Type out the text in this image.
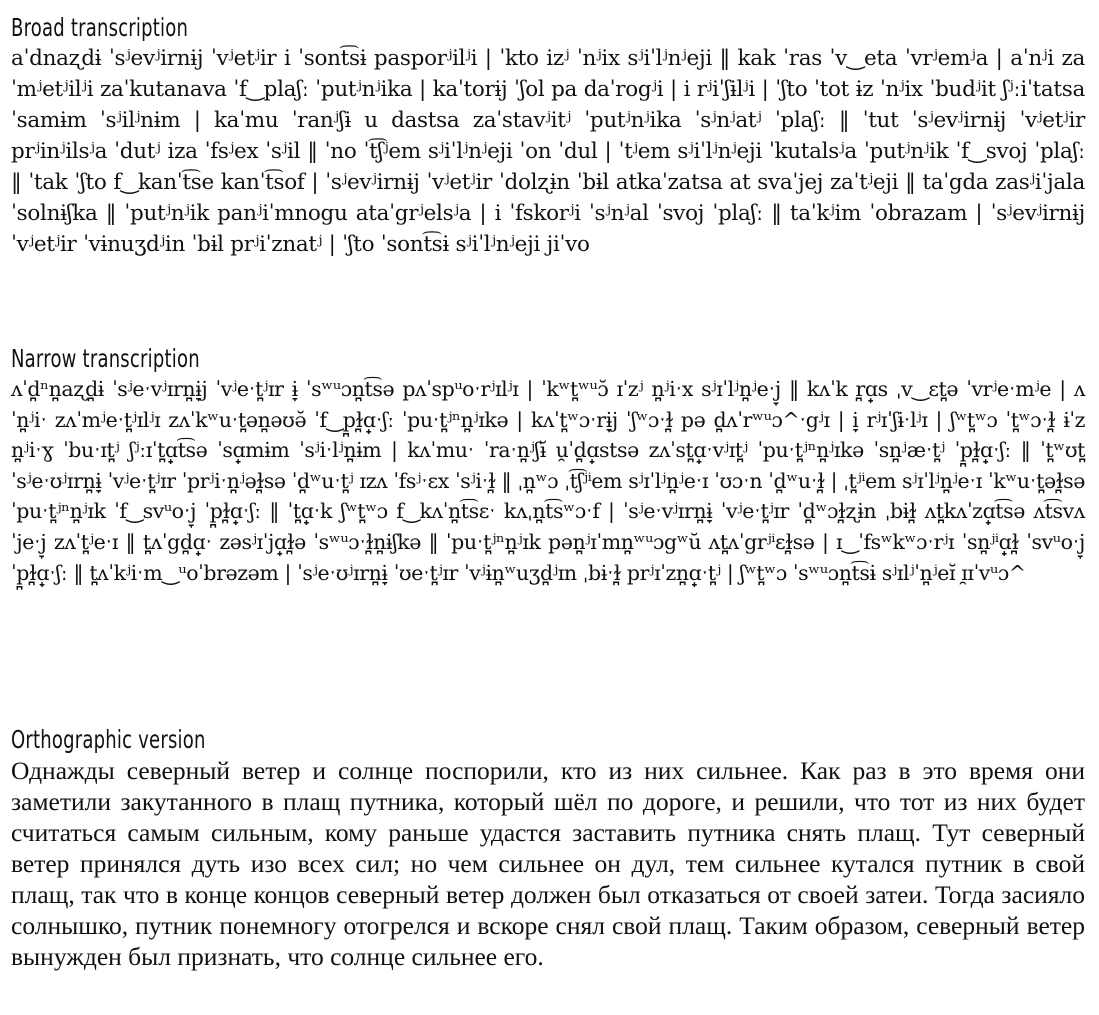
Broad transcription
aˈdnaʐdɨ ˈsʲevʲirnɨj ˈvʲetʲir i ˈsont͡sɨ pasporʲilʲi | ˈkto izʲ ˈnʲix sʲiˈlʲnʲeji ‖ kak ˈras ˈv‿eta ˈvrʲemʲa | aˈnʲi zaˈmʲetʲilʲi zaˈkutanava ˈf‿plaʃː ˈputʲnʲika | kaˈtorɨj ˈʃol pa daˈrogʲi | i rʲiˈʃɨlʲi | ˈʃto ˈtot ɨz ˈnʲix ˈbudʲit ʃʲːiˈtatsa ˈsamɨm ˈsʲilʲnɨm | kaˈmu ˈranʲʃɨ u dastsa zaˈstavʲitʲ ˈputʲnʲika ˈsʲnʲatʲ ˈplaʃː ‖ ˈtut ˈsʲevʲirnɨj ˈvʲetʲir prʲinʲilsʲa ˈdutʲ iza ˈfsʲex ˈsʲil ‖ ˈno ˈt͡ʃʲem sʲiˈlʲnʲeji ˈon ˈdul | ˈtʲem sʲiˈlʲnʲeji ˈkutalsʲa ˈputʲnʲik ˈf‿svoj ˈplaʃː ‖ ˈtak ˈʃto f‿kanˈt͡se kanˈt͡sof | ˈsʲevʲirnɨj ˈvʲetʲir ˈdolʐɨn ˈbɨl atkaˈzatsa at svaˈjej zaˈtʲeji ‖ taˈgda zasʲiˈjala ˈsolnɨʃka ‖ ˈputʲnʲik panʲiˈmnogu ataˈgrʲelsʲa | i ˈfskorʲi ˈsʲnʲal ˈsvoj ˈplaʃː ‖ taˈkʲim ˈobrazam | ˈsʲevʲirnɨj ˈvʲetʲir ˈvɨnuʒdʲin ˈbɨl prʲiˈznatʲ | ˈʃto ˈsont͡sɨ sʲiˈlʲnʲeji jiˈvo
Narrow transcription
ʌˈd̪ⁿn̪aʐd̪ɨ ˈsʲeˑvʲɪrn̪ɨ̞j ˈvʲeˑt̪ʲɪr ɨ̞ ˈsʷᵘɔn̪t͡sə pʌˈspᵘoˑrʲɪlʲɪ | ˈkʷt̪ʷᵘɔ̆ ɪˈzʲ n̪ʲiˑx sʲɪˈlʲn̪ʲeˑj̞ ‖ kʌˈk r̪ɑ̟s ˌv‿ɛt̪ə ˈvrʲeˑmʲe | ʌˈn̪ʲiˑ zʌˈmʲeˑt̪ʲɪlʲɪ zʌˈkʷuˑt̪ən̪əʊə̆ ˈf‿p̪ɫ̪ɑ̟ˑʃː ˈpuˑt̪ʲⁿn̪ʲɪkə | kʌˈt̪ʷɔˑrɨ̞j ˈʃʷɔˑɫ̪ pə d̪ʌˈrʷᵘɔ^ˑgʲɪ | i̞ rʲɪˈʃɨˑlʲɪ | ʃʷt̪ʷɔ ˈt̪ʷɔˑɫ̪ ɨˈz n̪ʲiˑɣ ˈbuˑɪt̪ʲ ʃʲːɪˈt̪ɑ̟t͡sə ˈsɑ̟mɨm ˈsʲiˑlʲn̪ɨm | kʌˈmuˑ ˈraˑn̪ʲʃɨ̆ u̯ˈd̪ɑ̟stsə zʌˈst̪ɑ̟ˑvʲɪt̪ʲ ˈpuˑt̪ʲⁿn̪ʲɪkə ˈsn̪ʲæˑt̪ʲ ˈp̪ɫ̪ɑ̟ˑʃː ‖ ˈt̪ʷʊt̪ ˈsʲeˑʊʲɪrn̪ɨ̞ ˈvʲeˑt̪ʲɪr ˈprʲiˑn̪ʲəɫ̪sə ˈd̪ʷuˑt̪ʲ ɪzʌ ˈfsʲˑɛx ˈsʲiˑɫ̪ ‖ ˌn̪ʷɔ ˌt͡ʃʲⁱem sʲɪˈlʲn̪ʲeˑɪ ˈʊɔˑn ˈd̪ʷuˑɫ̪ | ˌt̪ʲⁱem sʲɪˈlʲn̪ʲeˑɪ ˈkʷuˑt̪əɫ̪sə ˈpuˑt̪ʲⁿn̪ʲɪk ˈf‿svᵘoˑj̞ ˈp̪ɫ̪ɑ̟ˑʃː ‖ ˈt̪ɑ̟ˑk ʃʷt̪ʷɔ f‿kʌˈn̪t͡sɛˑ kʌˌn̪t͡sʷɔˑf | ˈsʲeˑvʲɪrn̪ɨ̞ ˈvʲeˑt̪ʲɪr ˈd̪ʷɔɫ̪ʐɨn ˌbɨɫ̪ ʌt̪kʌˈzɑ̟t͡sə ʌt͡svʌˈjeˑj̞ zʌˈt̪ʲeˑɪ ‖ t̪ʌˈgd̪ɑ̟ˑ zəsʲɪˈjɑ̟ɫ̪ə ˈsʷᵘɔˑɫ̪n̪ɨʃkə ‖ ˈpuˑt̪ʲⁿn̪ʲɪk pən̪ʲɪˈmn̪ʷᵘɔgʷŭ ʌt̪ʌˈgrʲⁱɛɫ̪sə | ɪ‿ˈfsʷkʷɔˑrʲɪ ˈsn̪ʲⁱɑ̟ɫ̪ ˈsvᵘoˑj̞ ˈp̪ɫ̪ɑ̟ˑʃː ‖ t̪ʌˈkʲiˑm‿ᵘoˈbrəzəm | ˈsʲeˑʊʲɪrn̪ɨ̞ ˈʊeˑt̪ʲɪr ˈvʲɨn̪ʷuʒd̪ʲɪn ˌbɨˑɫ̪ prʲɪˈzn̪ɑ̟ˑt̪ʲ | ʃʷt̪ʷɔ ˈsʷᵘɔn̪t͡sɨ sʲɪlʲˈn̪ʲeɪ̆ ɪ̯ɪˈvᵘɔ^
Orthographic version
Однажды северный ветер и солнце поспорили, кто из них сильнее. Как раз в это время они заметили закутанного в плащ путника, который шёл по дороге, и решили, что тот из них будет считаться самым сильным, кому раньше удастся заставить путника снять плащ. Тут северный ветер принялся дуть изо всех сил; но чем сильнее он дул, тем сильнее кутался путник в свой плащ, так что в конце концов северный ветер должен был отказаться от своей затеи. Тогда засияло солнышко, путник понемногу отогрелся и вскоре снял свой плащ. Таким образом, северный ветер вынужден был признать, что солнце сильнее его.
